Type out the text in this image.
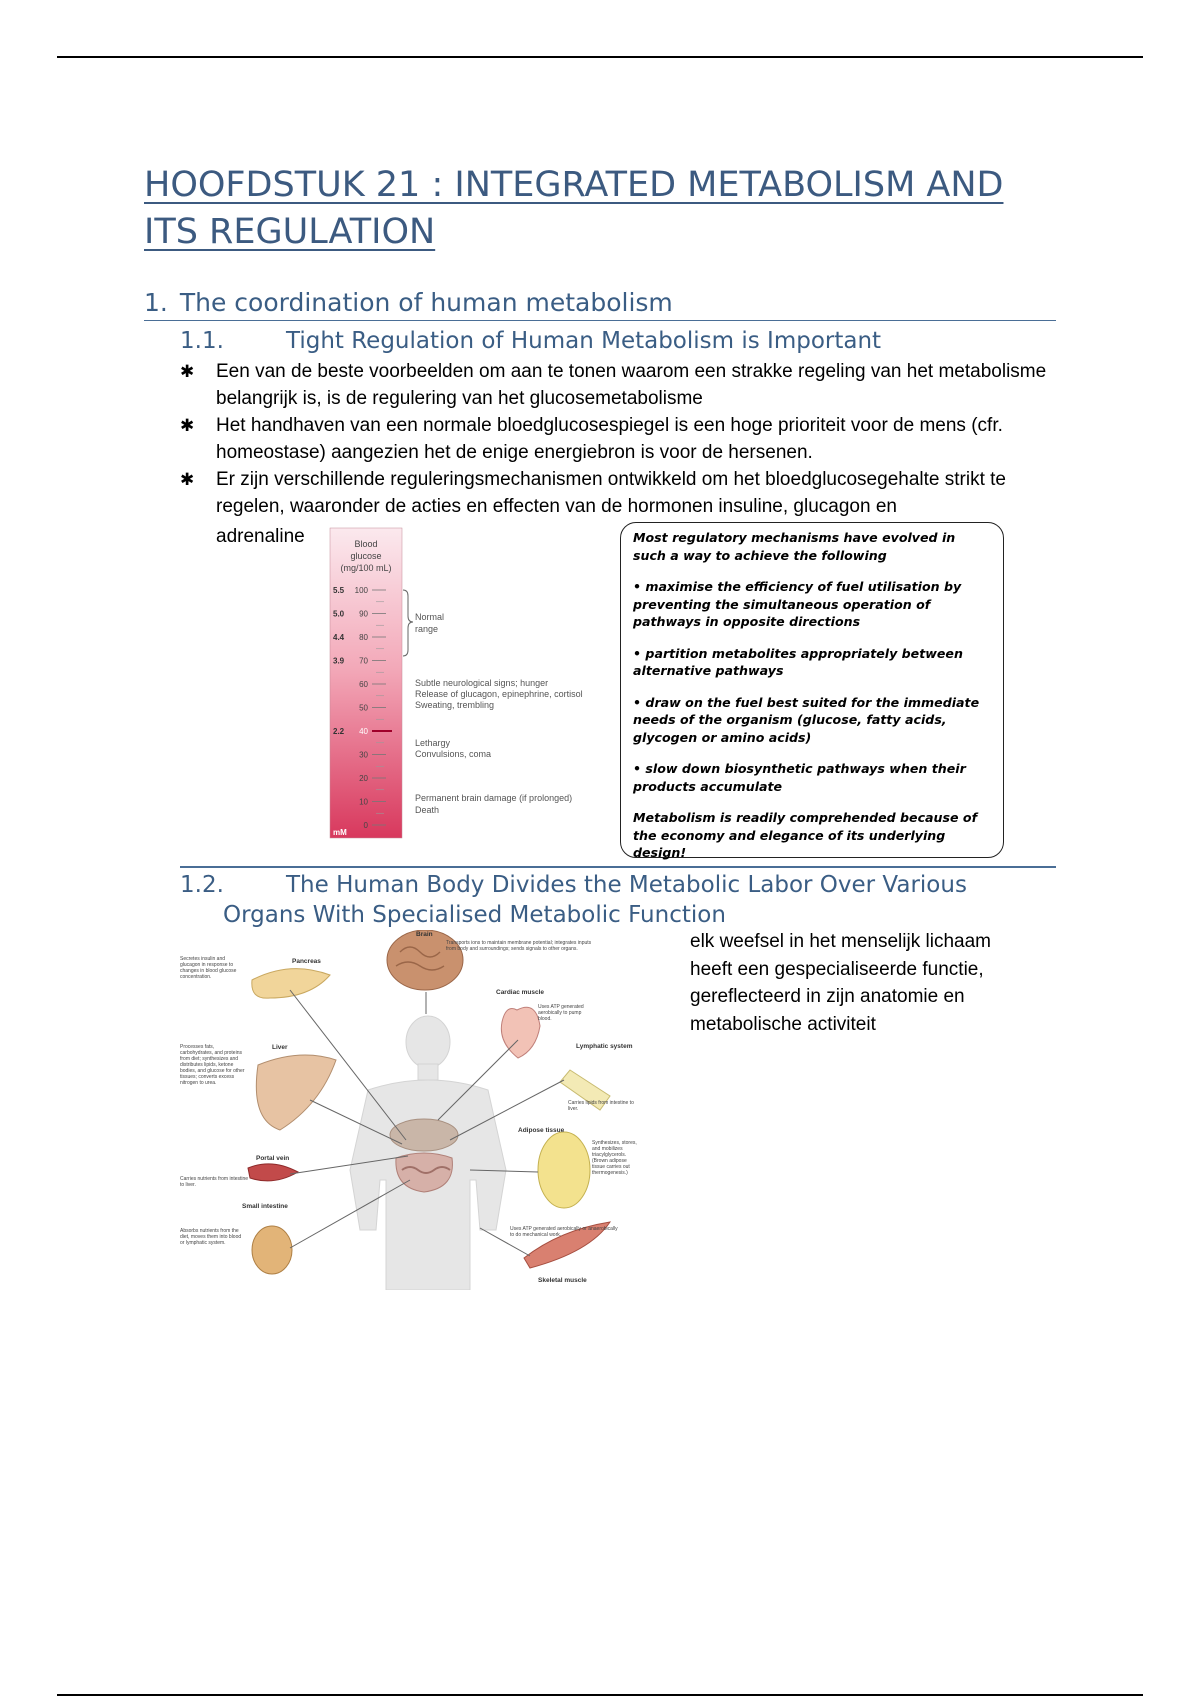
HOOFDSTUK 21 : INTEGRATED METABOLISM AND
ITS REGULATION
1. The coordination of human metabolism
1.1.	Tight Regulation of Human Metabolism is Important
✱ Een van de beste voorbeelden om aan te tonen waarom een strakke regeling van het metabolisme belangrijk is, is de regulering van het glucosemetabolisme
✱ Het handhaven van een normale bloedglucosespiegel is een hoge prioriteit voor de mens (cfr. homeostase) aangezien het de enige energiebron is voor de hersenen.
✱ Er zijn verschillende reguleringsmechanismen ontwikkeld om het bloedglucosegehalte strikt te regelen, waaronder de acties en effecten van de hormonen insuline, glucagon en
adrenaline	Blood
glucose
(mg/100 mL)
5.5 100
5.0 90
4.4 80
3.9 70
60
50
2.2 40
30
20
10
0
mM
Normal
range
Subtle neurological signs; hunger
Release of glucagon, epinephrine, cortisol
Sweating, trembling
Lethargy
Convulsions, coma
Permanent brain damage (if prolonged)
Death

Most regulatory mechanisms have evolved in such a way to achieve the following

• maximise the efficiency of fuel utilisation by preventing the simultaneous operation of pathways in opposite directions

• partition metabolites appropriately between alternative pathways

• draw on the fuel best suited for the immediate needs of the organism (glucose, fatty acids, glycogen or amino acids)

• slow down biosynthetic pathways when their products accumulate

Metabolism is readily comprehended because of the economy and elegance of its underlying design!

1.2.	The Human Body Divides the Metabolic Labor Over Various
Organs With Specialised Metabolic Function
elk weefsel in het menselijk lichaam heeft een gespecialiseerde functie, gereflecteerd in zijn anatomie en metabolische activiteit
Brain
Pancreas
Liver
Portal vein
Small intestine
Cardiac muscle
Lymphatic system
Adipose tissue
Skeletal muscle
Transports ions to maintain membrane potential; integrates inputs from body and surroundings; sends signals to other organs.
Secretes insulin and glucagon in response to changes in blood glucose concentration.
Processes fats, carbohydrates, and proteins from diet; synthesizes and distributes lipids, ketone bodies, and glucose for other tissues; converts excess nitrogen to urea.
Carries nutrients from intestine to liver.
Absorbs nutrients from the diet, moves them into blood or lymphatic system.
Uses ATP generated aerobically to pump blood.
Carries lipids from intestine to liver.
Synthesizes, stores, and mobilizes triacylglycerols. (Brown adipose tissue carries out thermogenesis.)
Uses ATP generated aerobically or anaerobically to do mechanical work.
